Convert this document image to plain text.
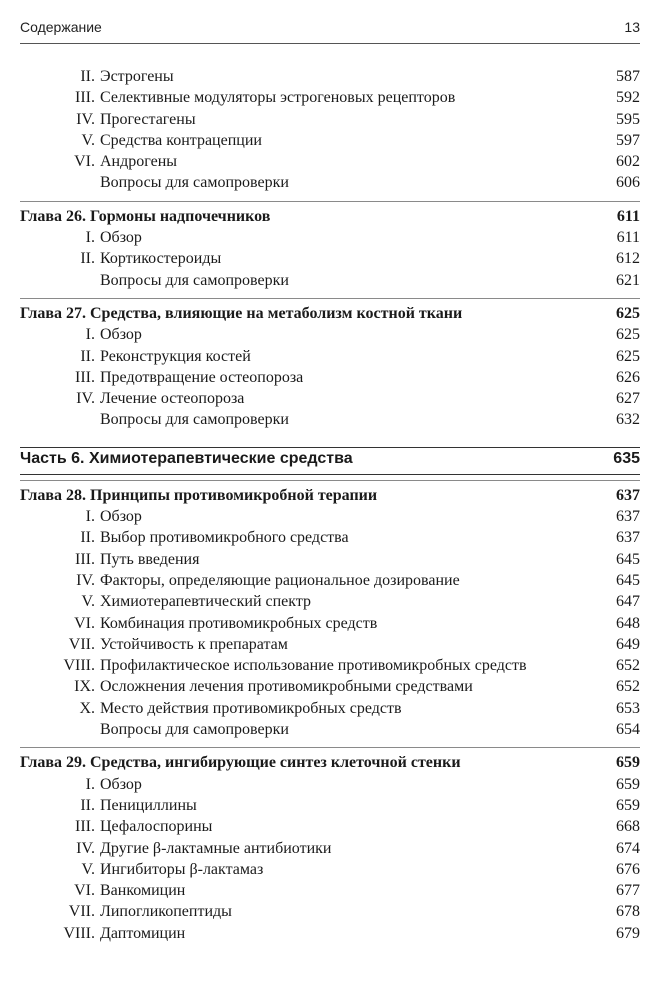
Содержание	13
II. Эстрогены	587
III. Селективные модуляторы эстрогеновых рецепторов	592
IV. Прогестагены	595
V. Средства контрацепции	597
VI. Андрогены	602
Вопросы для самопроверки	606
Глава 26. Гормоны надпочечников	611
I. Обзор	611
II. Кортикостероиды	612
Вопросы для самопроверки	621
Глава 27. Средства, влияющие на метаболизм костной ткани	625
I. Обзор	625
II. Реконструкция костей	625
III. Предотвращение остеопороза	626
IV. Лечение остеопороза	627
Вопросы для самопроверки	632
Часть 6. Химиотерапевтические средства	635
Глава 28. Принципы противомикробной терапии	637
I. Обзор	637
II. Выбор противомикробного средства	637
III. Путь введения	645
IV. Факторы, определяющие рациональное дозирование	645
V. Химиотерапевтический спектр	647
VI. Комбинация противомикробных средств	648
VII. Устойчивость к препаратам	649
VIII. Профилактическое использование противомикробных средств	652
IX. Осложнения лечения противомикробными средствами	652
X. Место действия противомикробных средств	653
Вопросы для самопроверки	654
Глава 29. Средства, ингибирующие синтез клеточной стенки	659
I. Обзор	659
II. Пенициллины	659
III. Цефалоспорины	668
IV. Другие β-лактамные антибиотики	674
V. Ингибиторы β-лактамаз	676
VI. Ванкомицин	677
VII. Липогликопептиды	678
VIII. Даптомицин	679
